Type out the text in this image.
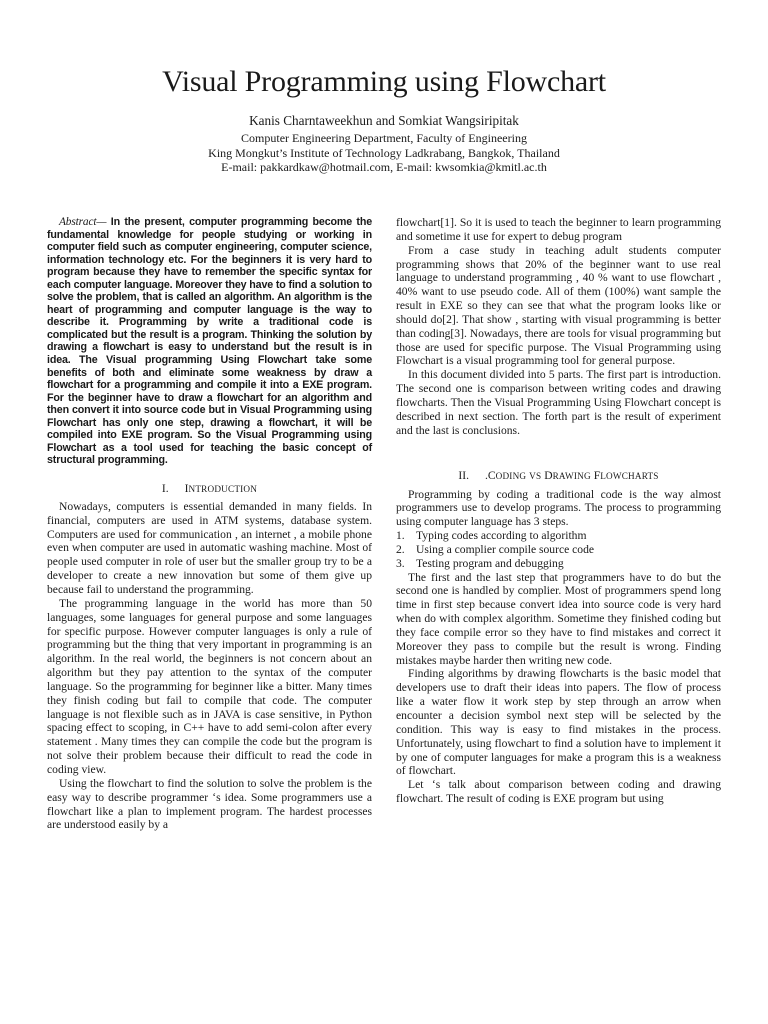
Visual Programming using Flowchart
Kanis Charntaweekhun and Somkiat Wangsiripitak
Computer Engineering Department, Faculty of Engineering
King Mongkut’s Institute of Technology Ladkrabang, Bangkok, Thailand
E-mail: pakkardkaw@hotmail.com, E-mail: kwsomkia@kmitl.ac.th

Abstract— In the present, computer programming become the fundamental knowledge for people studying or working in computer field such as computer engineering, computer science, information technology etc. For the beginners it is very hard to program because they have to remember the specific syntax for each computer language. Moreover they have to find a solution to solve the problem, that is called an algorithm. An algorithm is the heart of programming and computer language is the way to describe it. Programming by write a traditional code is complicated but the result is a program. Thinking the solution by drawing a flowchart is easy to understand but the result is in idea. The Visual programming Using Flowchart take some benefits of both and eliminate some weakness by draw a flowchart for a programming and compile it into a EXE program. For the beginner have to draw a flowchart for an algorithm and then convert it into source code but in Visual Programming using Flowchart has only one step, drawing a flowchart, it will be compiled into EXE program. So the Visual Programming using Flowchart as a tool used for teaching the basic concept of structural programming.

I. INTRODUCTION

Nowadays, computers is essential demanded in many fields. In financial, computers are used in ATM systems, database system. Computers are used for communication , an internet , a mobile phone even when computer are used in automatic washing machine. Most of people used computer in role of user but the smaller group try to be a developer to create a new innovation but some of them give up because fail to understand the programming.

The programming language in the world has more than 50 languages, some languages for general purpose and some languages for specific purpose. However computer languages is only a rule of programming but the thing that very important in programming is an algorithm. In the real world, the beginners is not concern about an algorithm but they pay attention to the syntax of the computer language. So the programming for beginner like a bitter. Many times they finish coding but fail to compile that code. The computer language is not flexible such as in JAVA is case sensitive, in Python spacing effect to scoping, in C++ have to add semi-colon after every statement . Many times they can compile the code but the program is not solve their problem because their difficult to read the code in coding view.

Using the flowchart to find the solution to solve the problem is the easy way to describe programmer ‘s idea. Some programmers use a flowchart like a plan to implement program. The hardest processes are understood easily by a

flowchart[1]. So it is used to teach the beginner to learn programming and sometime it use for expert to debug program

From a case study in teaching adult students computer programming shows that 20% of the beginner want to use real language to understand programming , 40 % want to use flowchart , 40% want to use pseudo code. All of them (100%) want sample the result in EXE so they can see that what the program looks like or should do[2]. That show , starting with visual programming is better than coding[3]. Nowadays, there are tools for visual programming but those are used for specific purpose. The Visual Programming using Flowchart is a visual programming tool for general purpose.

In this document divided into 5 parts. The first part is introduction. The second one is comparison between writing codes and drawing flowcharts. Then the Visual Programming Using Flowchart concept is described in next section. The forth part is the result of experiment and the last is conclusions.

II. .CODING VS DRAWING FLOWCHARTS

Programming by coding a traditional code is the way almost programmers use to develop programs. The process to programming using computer language has 3 steps.

1. Typing codes according to algorithm
2. Using a complier compile source code
3. Testing program and debugging

The first and the last step that programmers have to do but the second one is handled by complier. Most of programmers spend long time in first step because convert idea into source code is very hard when do with complex algorithm. Sometime they finished coding but they face compile error so they have to find mistakes and correct it Moreover they pass to compile but the result is wrong. Finding mistakes maybe harder then writing new code.

Finding algorithms by drawing flowcharts is the basic model that developers use to draft their ideas into papers. The flow of process like a water flow it work step by step through an arrow when encounter a decision symbol next step will be selected by the condition. This way is easy to find mistakes in the process. Unfortunately, using flowchart to find a solution have to implement it by one of computer languages for make a program this is a weakness of flowchart.

Let ‘s talk about comparison between coding and drawing flowchart. The result of coding is EXE program but using
